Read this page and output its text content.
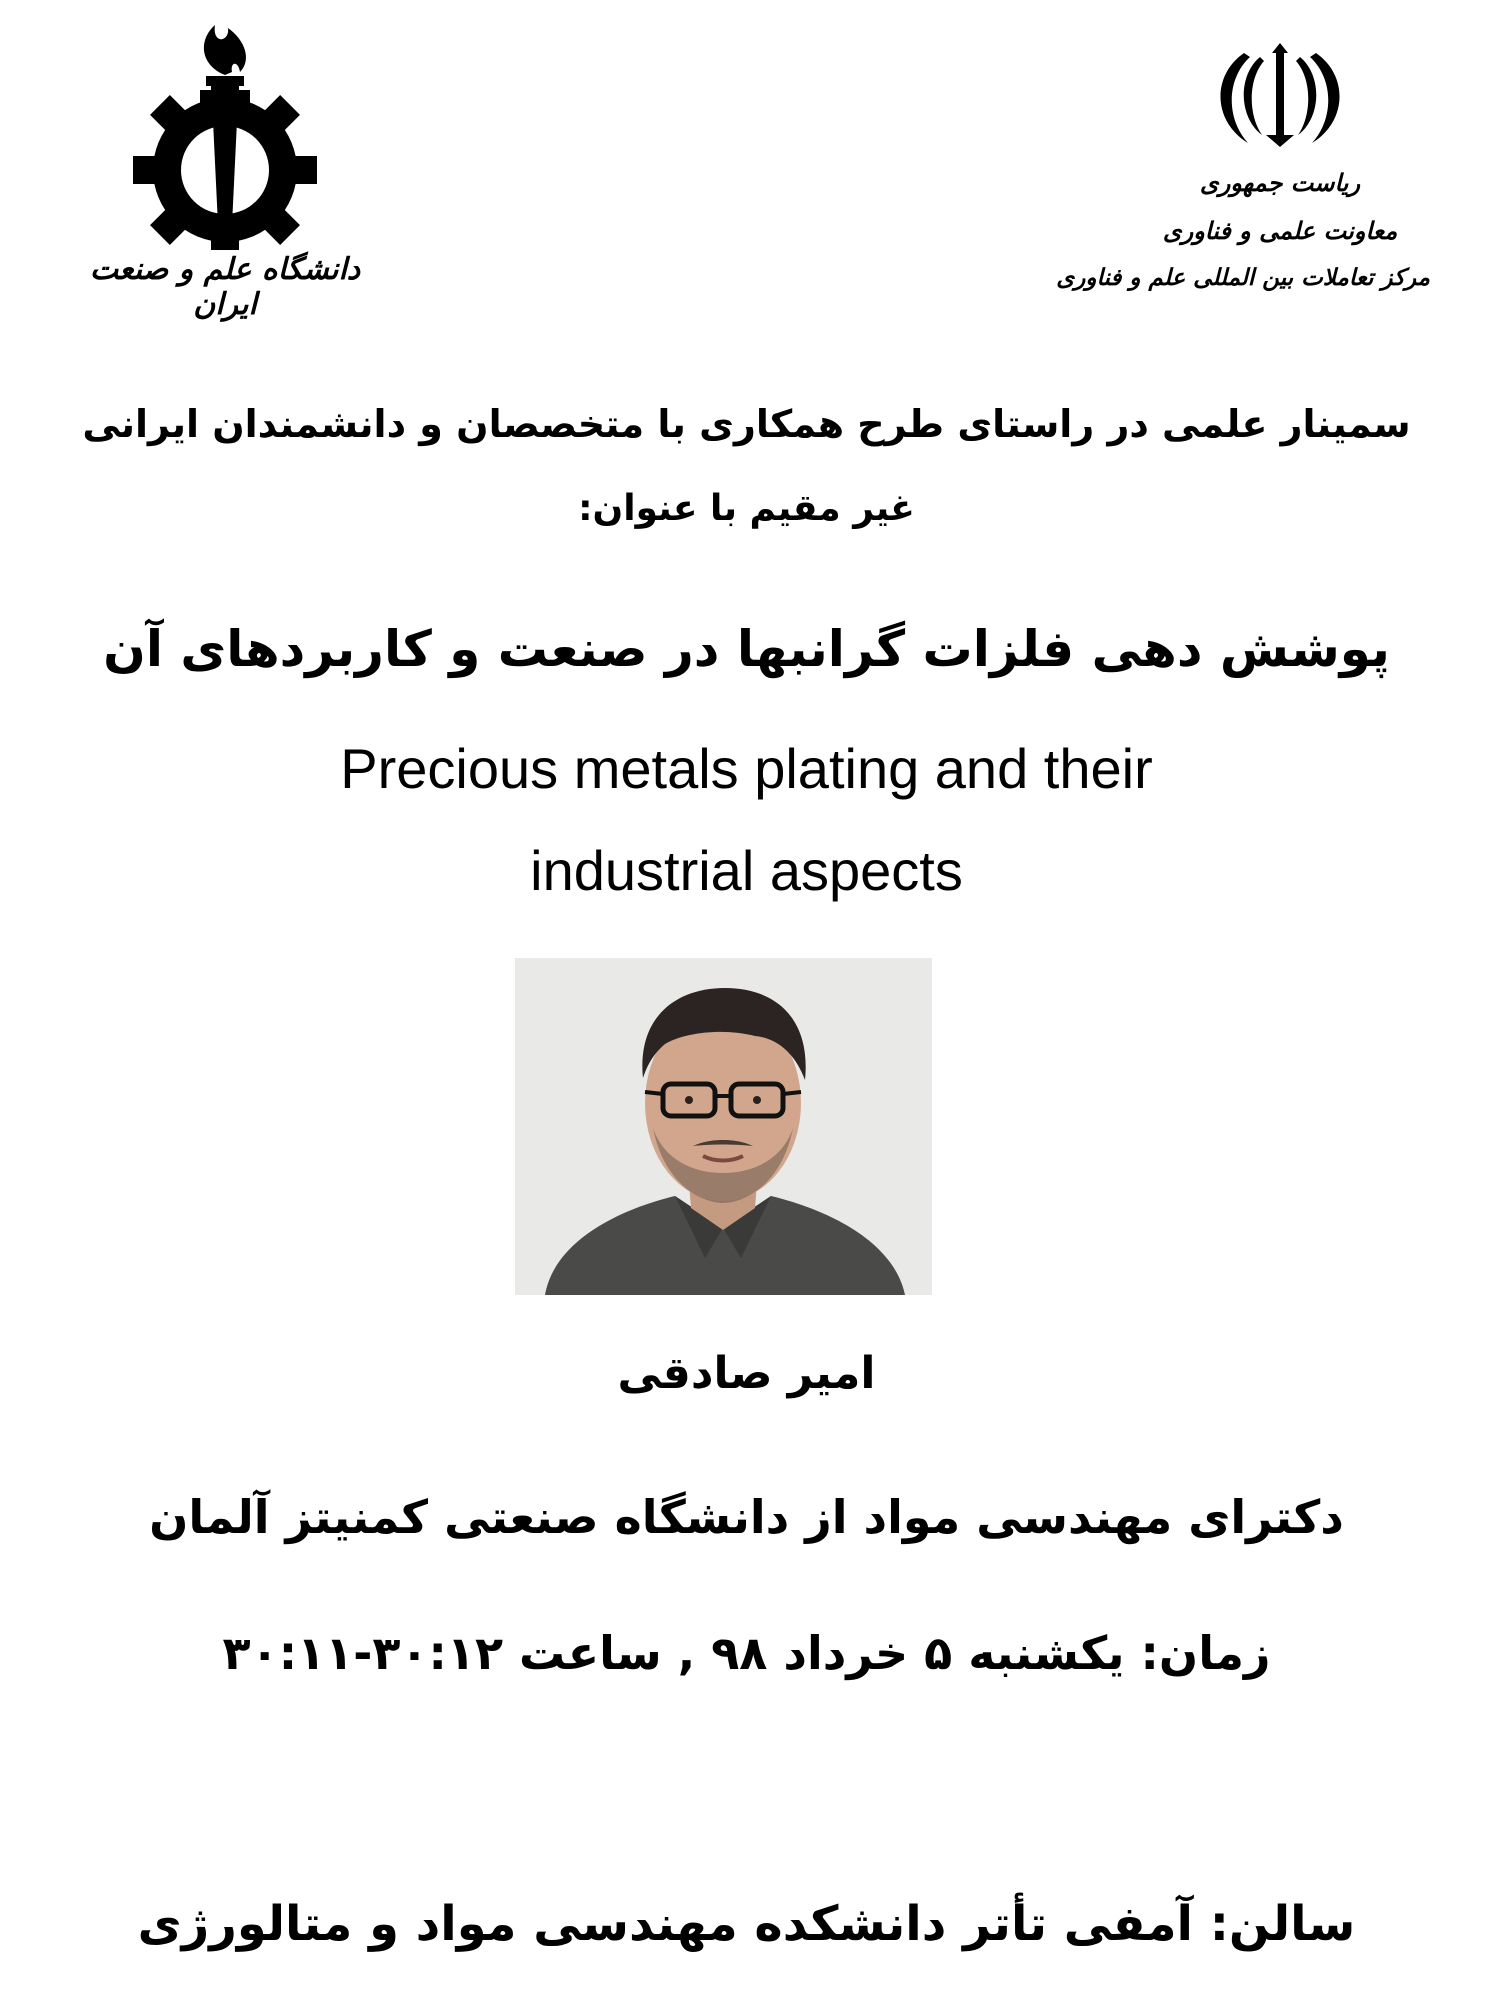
دانشگاه علم و صنعت ایران
ریاست جمهوری
معاونت علمی و فناوری
مرکز تعاملات بین المللی علم و فناوری
سمینار علمی در راستای طرح همکاری با متخصصان و دانشمندان ایرانی
غیر مقیم با عنوان:
پوشش دهی فلزات گرانبها در صنعت و کاربردهای آن
Precious metals plating and their
industrial aspects
امیر صادقی
دکترای مهندسی مواد از دانشگاه صنعتی کمنیتز آلمان
زمان: یکشنبه ۵ خرداد ۹۸ , ساعت ۳۰:۱۲-۳۰:۱۱
سالن: آمفی تأتر دانشکده مهندسی مواد و متالورژی
